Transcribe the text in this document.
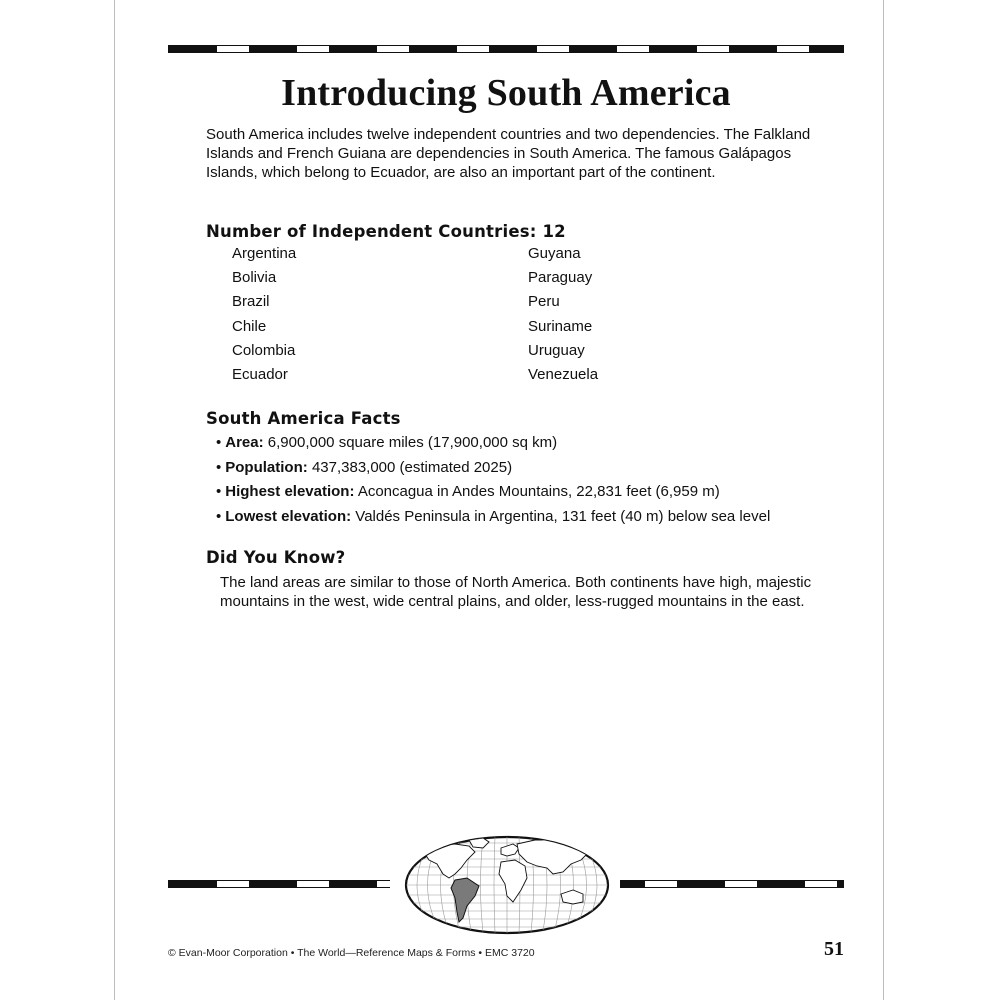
Introducing South America

South America includes twelve independent countries and two dependencies. The Falkland Islands and French Guiana are dependencies in South America. The famous Galápagos Islands, which belong to Ecuador, are also an important part of the continent.

Number of Independent Countries: 12
Argentina
Bolivia
Brazil
Chile
Colombia
Ecuador
Guyana
Paraguay
Peru
Suriname
Uruguay
Venezuela
South America Facts
• Area: 6,900,000 square miles (17,900,000 sq km)
• Population: 437,383,000 (estimated 2025)
• Highest elevation: Aconcagua in Andes Mountains, 22,831 feet (6,959 m)
• Lowest elevation: Valdés Peninsula in Argentina, 131 feet (40 m) below sea level
Did You Know?

The land areas are similar to those of North America. Both continents have high, majestic mountains in the west, wide central plains, and older, less-rugged mountains in the east.

© Evan-Moor Corporation • The World—Reference Maps & Forms • EMC 3720	51
